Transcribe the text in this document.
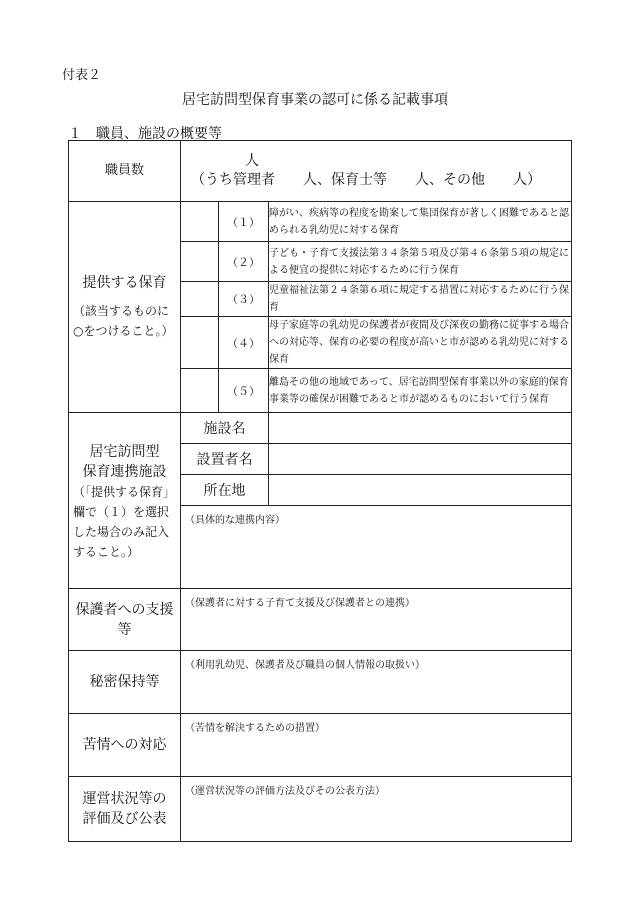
付表２
居宅訪問型保育事業の認可に係る記載事項
１　職員、施設の概要等
職員数	人
（うち管理者　　人、保育士等　　人、その他　　人）		

提供する保育
（該当するものに○をつけること。）		（１）	障がい、疾病等の程度を勘案して集団保育が著しく困難であると認められる乳幼児に対する保育
		（２）	子ども・子育て支援法第３４条第５項及び第４６条第５項の規定による便宜の提供に対応するために行う保育
		（３）	児童福祉法第２４条第６項に規定する措置に対応するために行う保育
		（４）	母子家庭等の乳幼児の保護者が夜間及び深夜の勤務に従事する場合への対応等、保育の必要の程度が高いと市が認める乳幼児に対する保育
		（５）	離島その他の地域であって、居宅訪問型保育事業以外の家庭的保育事業等の確保が困難であると市が認めるものにおいて行う保育

居宅訪問型
保育連携施設
（「提供する保育」欄で（１）を選択した場合のみ記入すること。）	施設名		
	設置者名		
	所在地		
	（具体的な連携内容）		
保護者への支援等	（保護者に対する子育て支援及び保護者との連携）		
秘密保持等	（利用乳幼児、保護者及び職員の個人情報の取扱い）		
苦情への対応	（苦情を解決するための措置）		

運営状況等の
評価及び公表	（運営状況等の評価方法及びその公表方法）		
